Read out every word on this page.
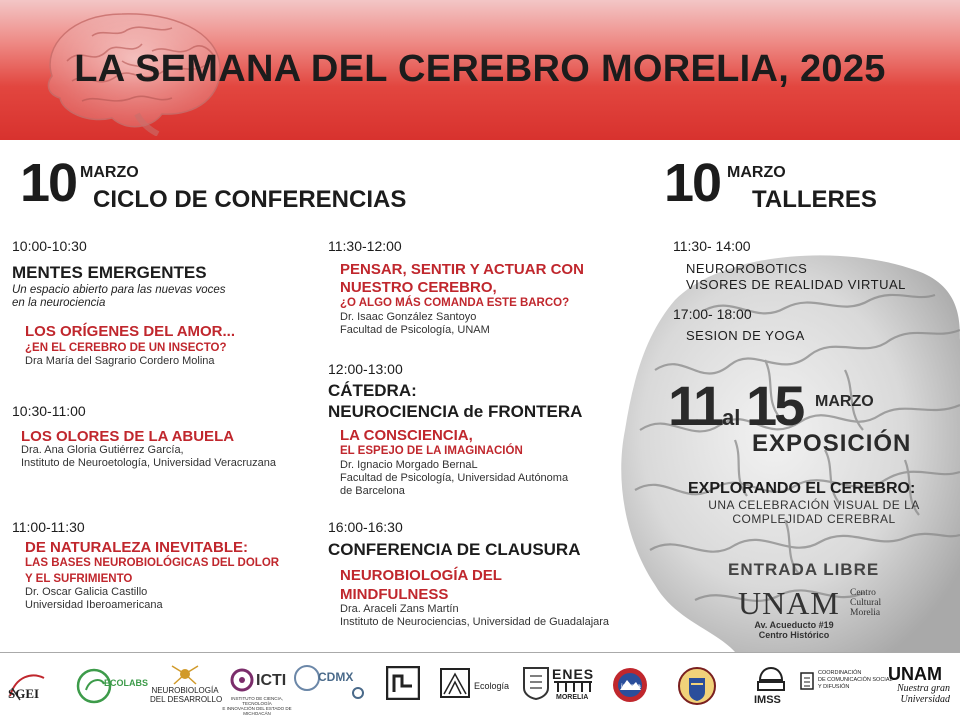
LA SEMANA DEL CEREBRO MORELIA, 2025
10 MARZO
CICLO DE CONFERENCIAS	10 MARZO
TALLERES
10:00-10:30
MENTES EMERGENTES
Un espacio abierto para las nuevas voces
en la neurociencia
LOS ORÍGENES DEL AMOR...
¿EN EL CEREBRO DE UN INSECTO?
Dra María del Sagrario Cordero Molina
10:30-11:00
LOS OLORES DE LA ABUELA
Dra. Ana Gloria Gutiérrez García,
Instituto de Neuroetología, Universidad Veracruzana
11:00-11:30
DE NATURALEZA INEVITABLE:
LAS BASES NEUROBIOLÓGICAS DEL DOLOR
Y EL SUFRIMIENTO
Dr. Oscar Galicia Castillo
Universidad Iberoamericana
11:30-12:00
PENSAR, SENTIR Y ACTUAR CON
NUESTRO CEREBRO,
¿O ALGO MÁS COMANDA ESTE BARCO?
Dr. Isaac González Santoyo
Facultad de Psicología, UNAM
12:00-13:00
CÁTEDRA:
NEUROCIENCIA de FRONTERA
LA CONSCIENCIA,
EL ESPEJO DE LA IMAGINACIÓN
Dr. Ignacio Morgado BernaL
Facultad de Psicología, Universidad Autónoma
de Barcelona
16:00-16:30
CONFERENCIA DE CLAUSURA
NEUROBIOLOGÍA DEL
MINDFULNESS
Dra. Araceli Zans Martín
Instituto de Neurociencias, Universidad de Guadalajara
11:30- 14:00
NEUROROBOTICS
VISORES DE REALIDAD VIRTUAL
17:00- 18:00
SESION DE YOGA
11 al 15 MARZO
EXPOSICIÓN
EXPLORANDO EL CEREBRO:
UNA CELEBRACIÓN VISUAL DE LA COMPLEJIDAD CEREBRAL
ENTRADA LIBRE
UNAM Centro
Cultural
Morelia
Av. Acueducto #19
Centro Histórico
SGEI
ECOLABS
NEUROBIOLOGÍA
DEL DESARROLLO
ICTI
INSTITUTO DE CIENCIA, TECNOLOGÍA
E INNOVACIÓN DEL ESTADO DE MICHOACÁN
CDMX
Ecología
ENES
MORELIA
inirena
IMSS
COORDINACIÓN
DE COMUNICACIÓN SOCIAL
Y DIFUSIÓN
UNAM
Nuestra gran
Universidad
